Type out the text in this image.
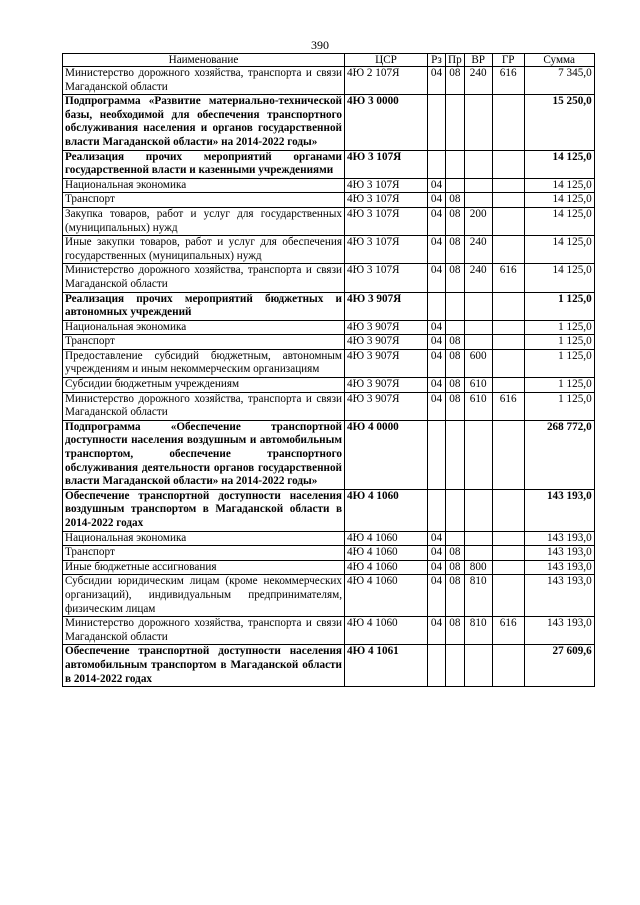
390
Наименование	ЦСР	Рз	Пр	ВР	ГР	Сумма
Министерство дорожного хозяйства, транспорта и связи Магаданской области	4Ю 2 107Я	04	08	240	616	7 345,0
Подпрограмма «Развитие материально-технической базы, необходимой для обеспечения транспортного обслуживания населения и органов государственной власти Магаданской области» на 2014-2022 годы»	4Ю 3 0000					15 250,0
Реализация прочих мероприятий органами государственной власти и казенными учреждениями	4Ю 3 107Я					14 125,0
Национальная экономика	4Ю 3 107Я	04				14 125,0
Транспорт	4Ю 3 107Я	04	08			14 125,0
Закупка товаров, работ и услуг для государственных (муниципальных) нужд	4Ю 3 107Я	04	08	200		14 125,0
Иные закупки товаров, работ и услуг для обеспечения государственных (муниципальных) нужд	4Ю 3 107Я	04	08	240		14 125,0
Министерство дорожного хозяйства, транспорта и связи Магаданской области	4Ю 3 107Я	04	08	240	616	14 125,0
Реализация прочих мероприятий бюджетных и автономных учреждений	4Ю 3 907Я					1 125,0
Национальная экономика	4Ю 3 907Я	04				1 125,0
Транспорт	4Ю 3 907Я	04	08			1 125,0
Предоставление субсидий бюджетным, автономным учреждениям и иным некоммерческим организациям	4Ю 3 907Я	04	08	600		1 125,0
Субсидии бюджетным учреждениям	4Ю 3 907Я	04	08	610		1 125,0
Министерство дорожного хозяйства, транспорта и связи Магаданской области	4Ю 3 907Я	04	08	610	616	1 125,0
Подпрограмма «Обеспечение транспортной доступности населения воздушным и автомобильным транспортом, обеспечение транспортного обслуживания деятельности органов государственной власти Магаданской области» на 2014-2022 годы»	4Ю 4 0000					268 772,0
Обеспечение транспортной доступности населения воздушным транспортом в Магаданской области в 2014-2022 годах	4Ю 4 1060					143 193,0
Национальная экономика	4Ю 4 1060	04				143 193,0
Транспорт	4Ю 4 1060	04	08			143 193,0
Иные бюджетные ассигнования	4Ю 4 1060	04	08	800		143 193,0
Субсидии юридическим лицам (кроме некоммерческих организаций), индивидуальным предпринимателям, физическим лицам	4Ю 4 1060	04	08	810		143 193,0
Министерство дорожного хозяйства, транспорта и связи Магаданской области	4Ю 4 1060	04	08	810	616	143 193,0
Обеспечение транспортной доступности населения автомобильным транспортом в Магаданской области в 2014-2022 годах	4Ю 4 1061					27 609,6
